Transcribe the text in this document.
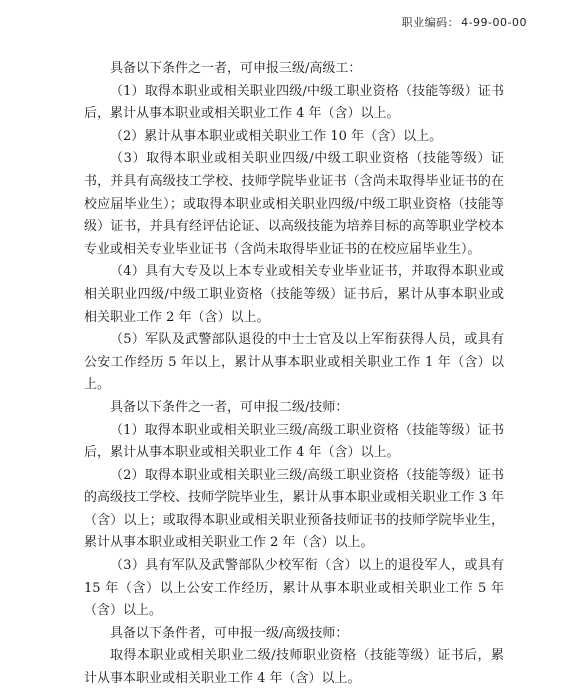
职业编码： 4-99-00-00

具备以下条件之一者，可申报三级/高级工：

（1）取得本职业或相关职业四级/中级工职业资格（技能等级）证书后，累计从事本职业或相关职业工作 4 年（含）以上。

（2）累计从事本职业或相关职业工作 10 年（含）以上。

（3）取得本职业或相关职业四级/中级工职业资格（技能等级）证书，并具有高级技工学校、技师学院毕业证书（含尚未取得毕业证书的在校应届毕业生）；或取得本职业或相关职业四级/中级工职业资格（技能等级）证书，并具有经评估论证、以高级技能为培养目标的高等职业学校本专业或相关专业毕业证书（含尚未取得毕业证书的在校应届毕业生）。

（4）具有大专及以上本专业或相关专业毕业证书，并取得本职业或相关职业四级/中级工职业资格（技能等级）证书后，累计从事本职业或相关职业工作 2 年（含）以上。

（5）军队及武警部队退役的中士士官及以上军衔获得人员，或具有公安工作经历 5 年以上，累计从事本职业或相关职业工作 1 年（含）以上。

具备以下条件之一者，可申报二级/技师：

（1）取得本职业或相关职业三级/高级工职业资格（技能等级）证书后，累计从事本职业或相关职业工作 4 年（含）以上。

（2）取得本职业或相关职业三级/高级工职业资格（技能等级）证书的高级技工学校、技师学院毕业生，累计从事本职业或相关职业工作 3 年（含）以上；或取得本职业或相关职业预备技师证书的技师学院毕业生，累计从事本职业或相关职业工作 2 年（含）以上。

（3）具有军队及武警部队少校军衔（含）以上的退役军人，或具有 15 年（含）以上公安工作经历，累计从事本职业或相关职业工作 5 年（含）以上。

具备以下条件者，可申报一级/高级技师：

取得本职业或相关职业二级/技师职业资格（技能等级）证书后，累计从事本职业或相关职业工作 4 年（含）以上。
